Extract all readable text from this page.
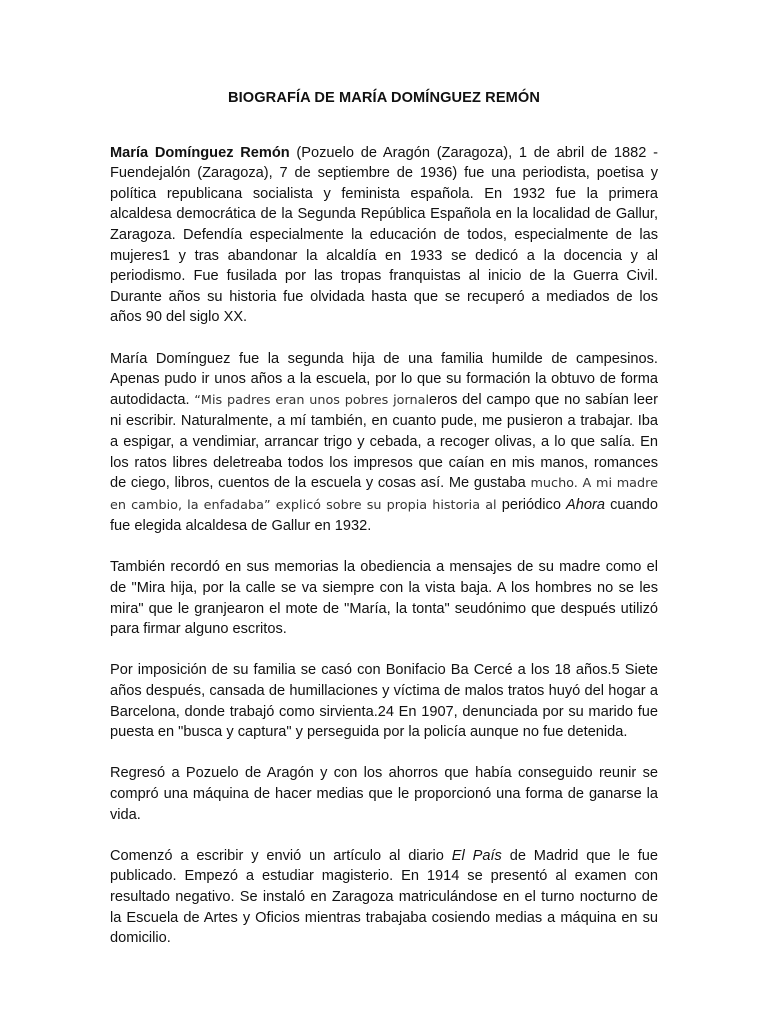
BIOGRAFÍA DE MARÍA DOMÍNGUEZ REMÓN
María Domínguez Remón (Pozuelo de Aragón (Zaragoza), 1 de abril de 1882 - Fuendejalón (Zaragoza), 7 de septiembre de 1936) fue una periodista, poetisa y política republicana socialista y feminista española. En 1932 fue la primera alcaldesa democrática de la Segunda República Española en la localidad de Gallur, Zaragoza. Defendía especialmente la educación de todos, especialmente de las mujeres1 y tras abandonar la alcaldía en 1933 se dedicó a la docencia y al periodismo. Fue fusilada por las tropas franquistas al inicio de la Guerra Civil. Durante años su historia fue olvidada hasta que se recuperó a mediados de los años 90 del siglo XX.
María Domínguez fue la segunda hija de una familia humilde de campesinos. Apenas pudo ir unos años a la escuela, por lo que su formación la obtuvo de forma autodidacta. “Mis padres eran unos pobres jornaleros del campo que no sabían leer ni escribir. Naturalmente, a mí también, en cuanto pude, me pusieron a trabajar. Iba a espigar, a vendimiar, arrancar trigo y cebada, a recoger olivas, a lo que salía. En los ratos libres deletreaba todos los impresos que caían en mis manos, romances de ciego, libros, cuentos de la escuela y cosas así. Me gustaba mucho. A mi madre en cambio, la enfadaba” explicó sobre su propia historia al periódico Ahora cuando fue elegida alcaldesa de Gallur en 1932.
También recordó en sus memorias la obediencia a mensajes de su madre como el de "Mira hija, por la calle se va siempre con la vista baja. A los hombres no se les mira" que le granjearon el mote de "María, la tonta" seudónimo que después utilizó para firmar alguno escritos.
Por imposición de su familia se casó con Bonifacio Ba Cercé a los 18 años.5 Siete años después, cansada de humillaciones y víctima de malos tratos huyó del hogar a Barcelona, donde trabajó como sirvienta.24 En 1907, denunciada por su marido fue puesta en "busca y captura" y perseguida por la policía aunque no fue detenida.
Regresó a Pozuelo de Aragón y con los ahorros que había conseguido reunir se compró una máquina de hacer medias que le proporcionó una forma de ganarse la vida.
Comenzó a escribir y envió un artículo al diario El País de Madrid que le fue publicado. Empezó a estudiar magisterio. En 1914 se presentó al examen con resultado negativo. Se instaló en Zaragoza matriculándose en el turno nocturno de la Escuela de Artes y Oficios mientras trabajaba cosiendo medias a máquina en su domicilio.
